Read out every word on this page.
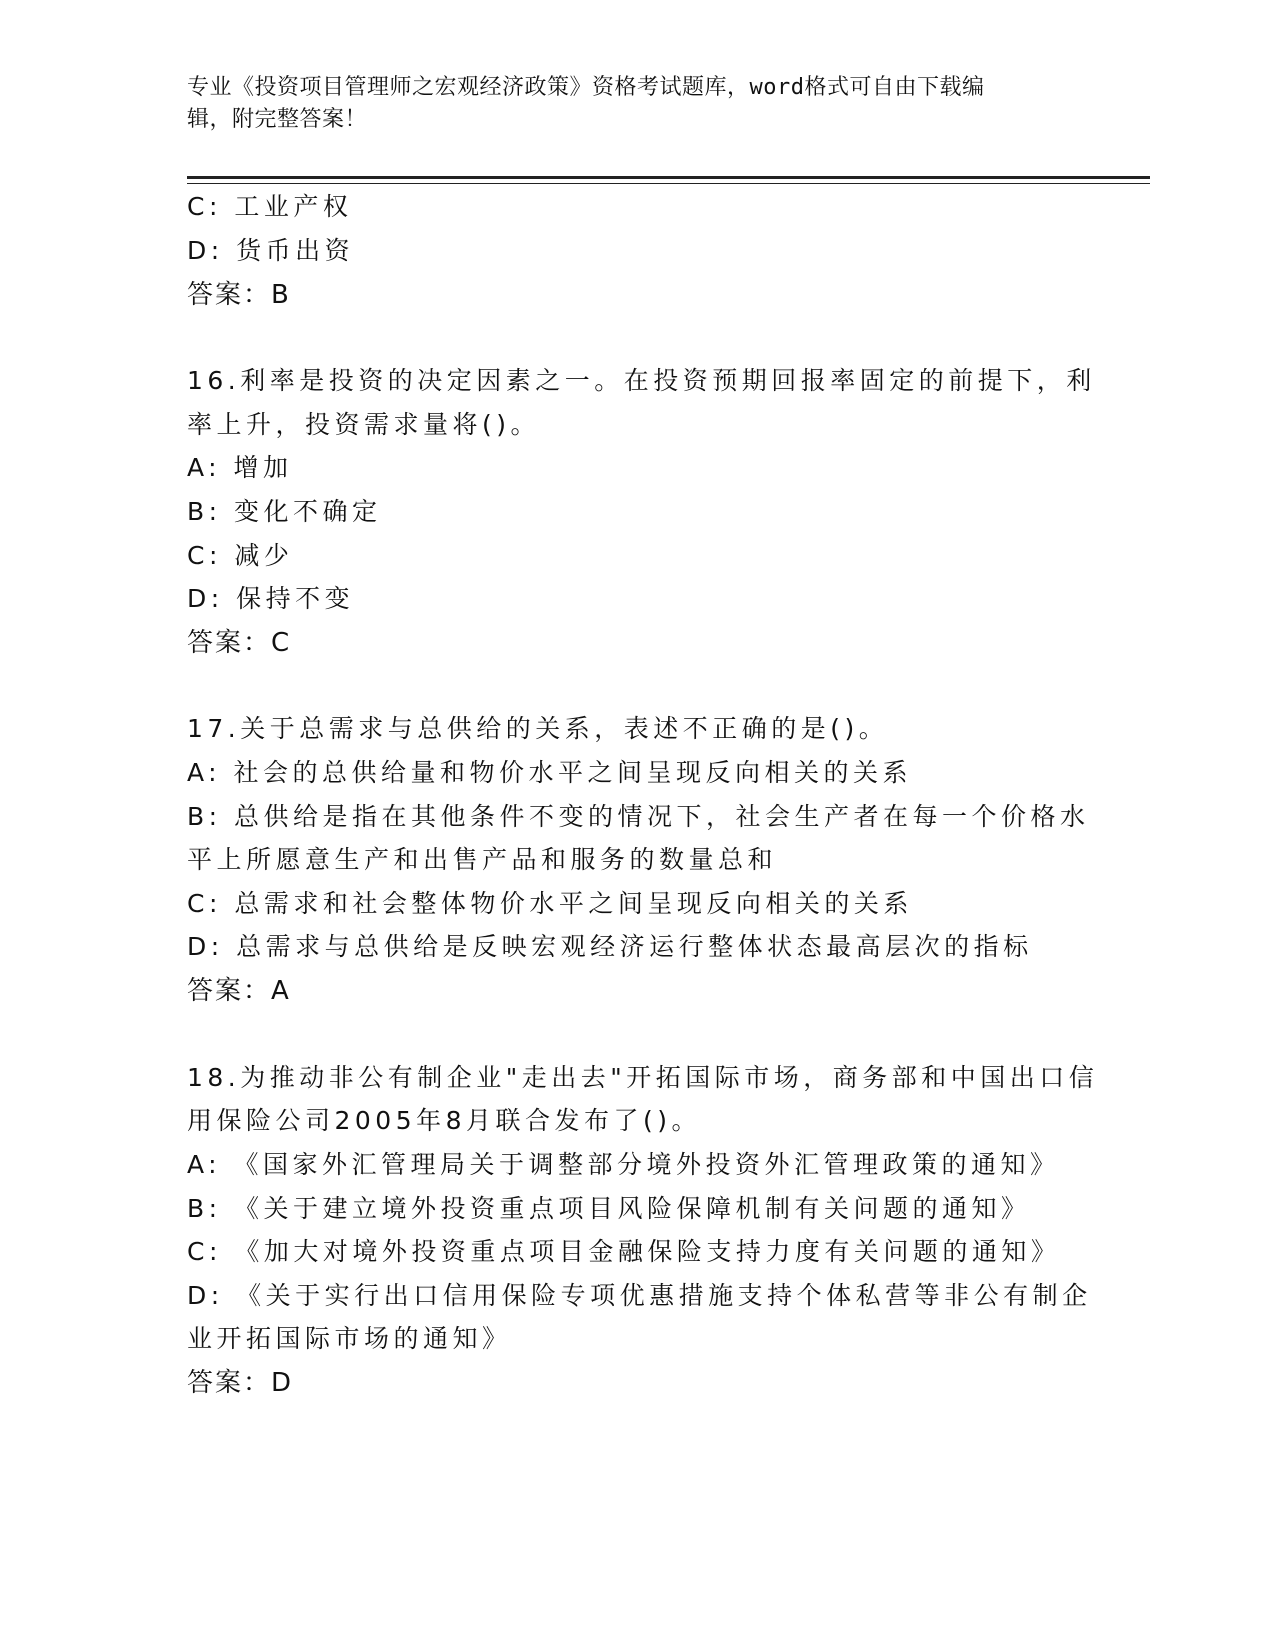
专业《投资项目管理师之宏观经济政策》资格考试题库，word格式可自由下载编
辑，附完整答案！
C: 工业产权
D: 货币出资
答案：B
16.利率是投资的决定因素之一。在投资预期回报率固定的前提下，利
率上升，投资需求量将()。
A: 增加
B: 变化不确定
C: 减少
D: 保持不变
答案：C
17.关于总需求与总供给的关系，表述不正确的是()。
A: 社会的总供给量和物价水平之间呈现反向相关的关系
B: 总供给是指在其他条件不变的情况下，社会生产者在每一个价格水
平上所愿意生产和出售产品和服务的数量总和
C: 总需求和社会整体物价水平之间呈现反向相关的关系
D: 总需求与总供给是反映宏观经济运行整体状态最高层次的指标
答案：A
18.为推动非公有制企业"走出去"开拓国际市场，商务部和中国出口信
用保险公司2005年8月联合发布了()。
A: 《国家外汇管理局关于调整部分境外投资外汇管理政策的通知》
B: 《关于建立境外投资重点项目风险保障机制有关问题的通知》
C: 《加大对境外投资重点项目金融保险支持力度有关问题的通知》
D: 《关于实行出口信用保险专项优惠措施支持个体私营等非公有制企
业开拓国际市场的通知》
答案：D
